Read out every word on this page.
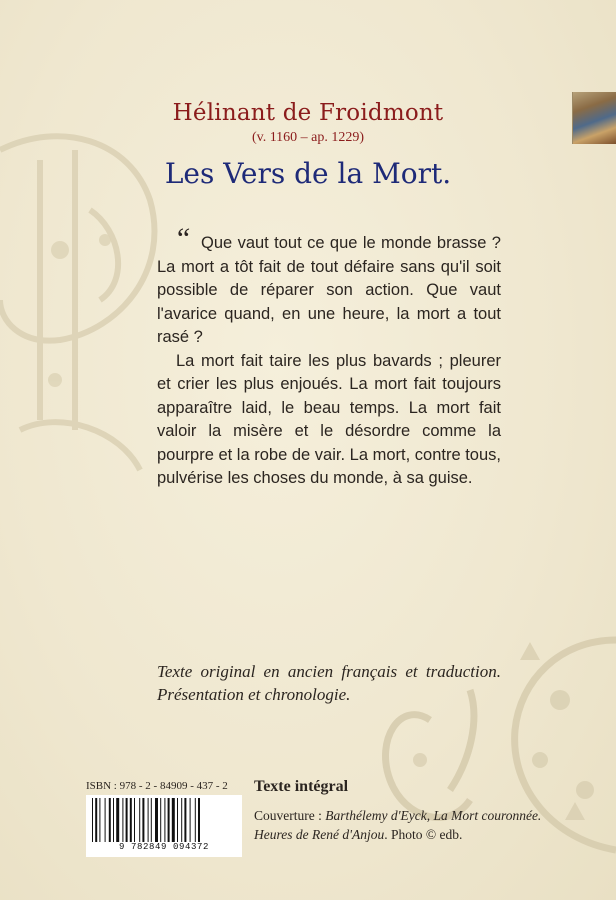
Hélinant de Froidmont
(v. 1160 – ap. 1229)
Les Vers de la Mort.
“ Que vaut tout ce que le monde brasse ? La mort a tôt fait de tout défaire sans qu'il soit possible de réparer son action. Que vaut l'avarice quand, en une heure, la mort a tout rasé ?

La mort fait taire les plus bavards ; pleurer et crier les plus enjoués. La mort fait toujours apparaître laid, le beau temps. La mort fait valoir la misère et le désordre comme la pourpre et la robe de vair. La mort, contre tous, pulvérise les choses du monde, à sa guise.

Texte original en ancien français et traduction. Présentation et chronologie.
ISBN : 978 - 2 - 84909 - 437 - 2
9 782849 094372
Texte intégral
Couverture : Barthélemy d'Eyck, La Mort couronnée.
Heures de René d'Anjou. Photo © edb.
